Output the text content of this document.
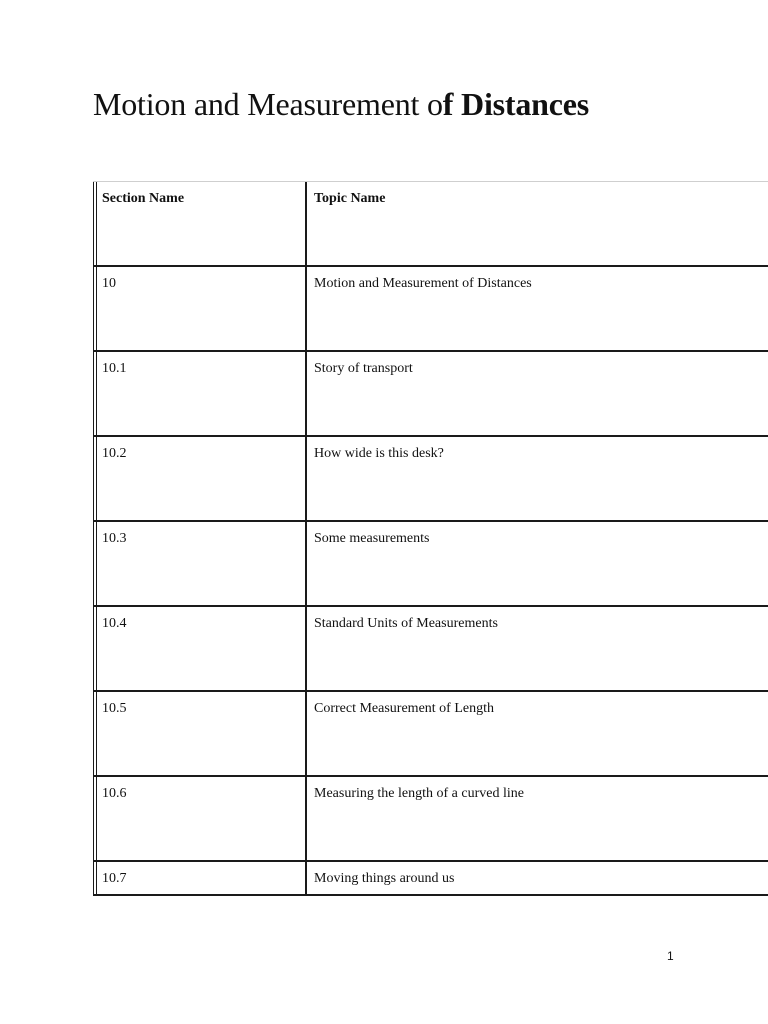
Motion and Measurement of Distances
Section Name	Topic Name
10	Motion and Measurement of Distances
10.1	Story of transport
10.2	How wide is this desk?
10.3	Some measurements
10.4	Standard Units of Measurements
10.5	Correct Measurement of Length
10.6	Measuring the length of a curved line
10.7	Moving things around us
1
